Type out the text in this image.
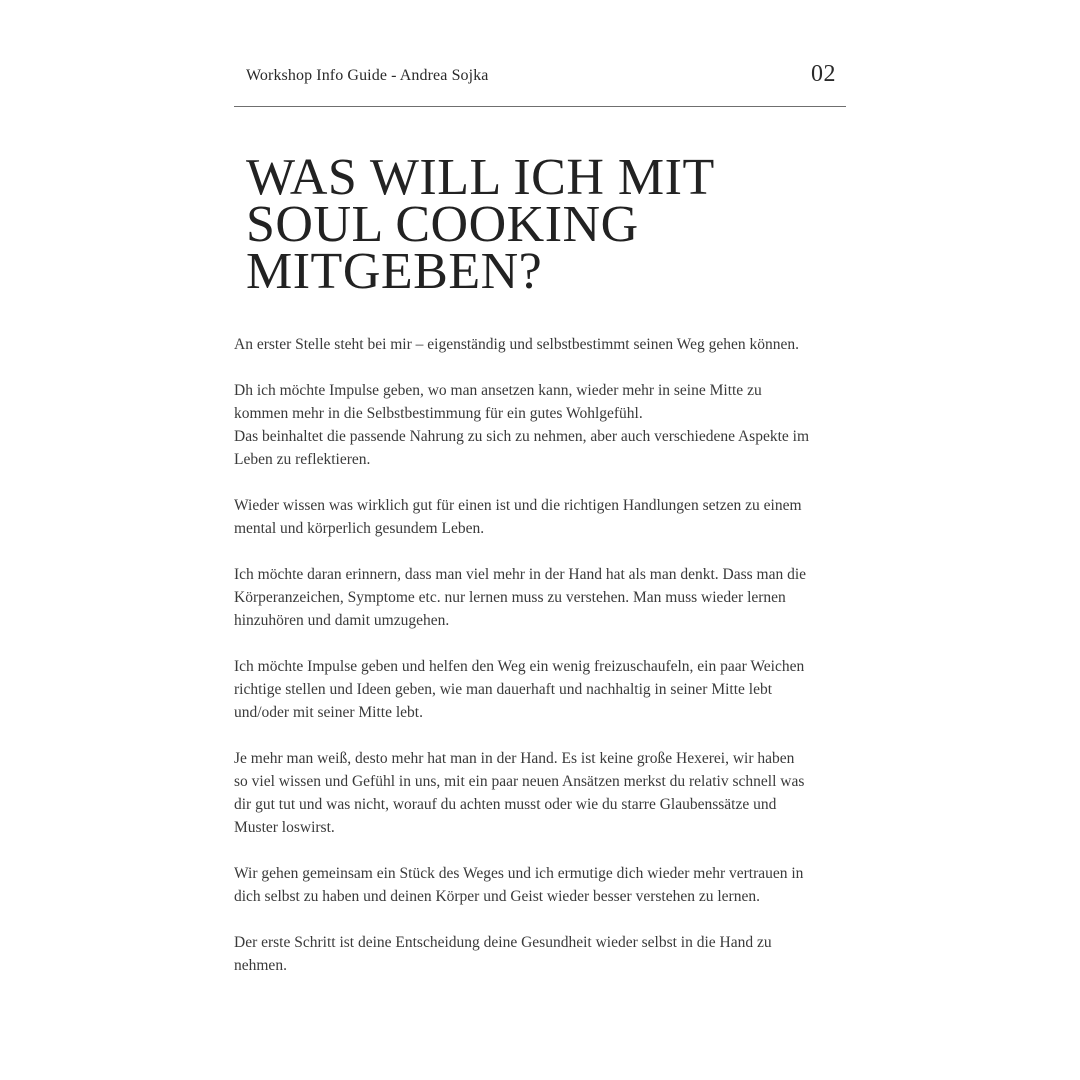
Workshop Info Guide - Andrea Sojka	02
WAS WILL ICH MIT
SOUL COOKING
MITGEBEN?

An erster Stelle steht bei mir – eigenständig und selbstbestimmt seinen Weg gehen können.

Dh ich möchte Impulse geben, wo man ansetzen kann, wieder mehr in seine Mitte zu
kommen mehr in die Selbstbestimmung für ein gutes Wohlgefühl.
Das beinhaltet die passende Nahrung zu sich zu nehmen, aber auch verschiedene Aspekte im
Leben zu reflektieren.

Wieder wissen was wirklich gut für einen ist und die richtigen Handlungen setzen zu einem
mental und körperlich gesundem Leben.

Ich möchte daran erinnern, dass man viel mehr in der Hand hat als man denkt. Dass man die
Körperanzeichen, Symptome etc. nur lernen muss zu verstehen. Man muss wieder lernen
hinzuhören und damit umzugehen.

Ich möchte Impulse geben und helfen den Weg ein wenig freizuschaufeln, ein paar Weichen
richtige stellen und Ideen geben, wie man dauerhaft und nachhaltig in seiner Mitte lebt
und/oder mit seiner Mitte lebt.

Je mehr man weiß, desto mehr hat man in der Hand. Es ist keine große Hexerei, wir haben
so viel wissen und Gefühl in uns, mit ein paar neuen Ansätzen merkst du relativ schnell was
dir gut tut und was nicht, worauf du achten musst oder wie du starre Glaubenssätze und
Muster loswirst.

Wir gehen gemeinsam ein Stück des Weges und ich ermutige dich wieder mehr vertrauen in
dich selbst zu haben und deinen Körper und Geist wieder besser verstehen zu lernen.

Der erste Schritt ist deine Entscheidung deine Gesundheit wieder selbst in die Hand zu
nehmen.
